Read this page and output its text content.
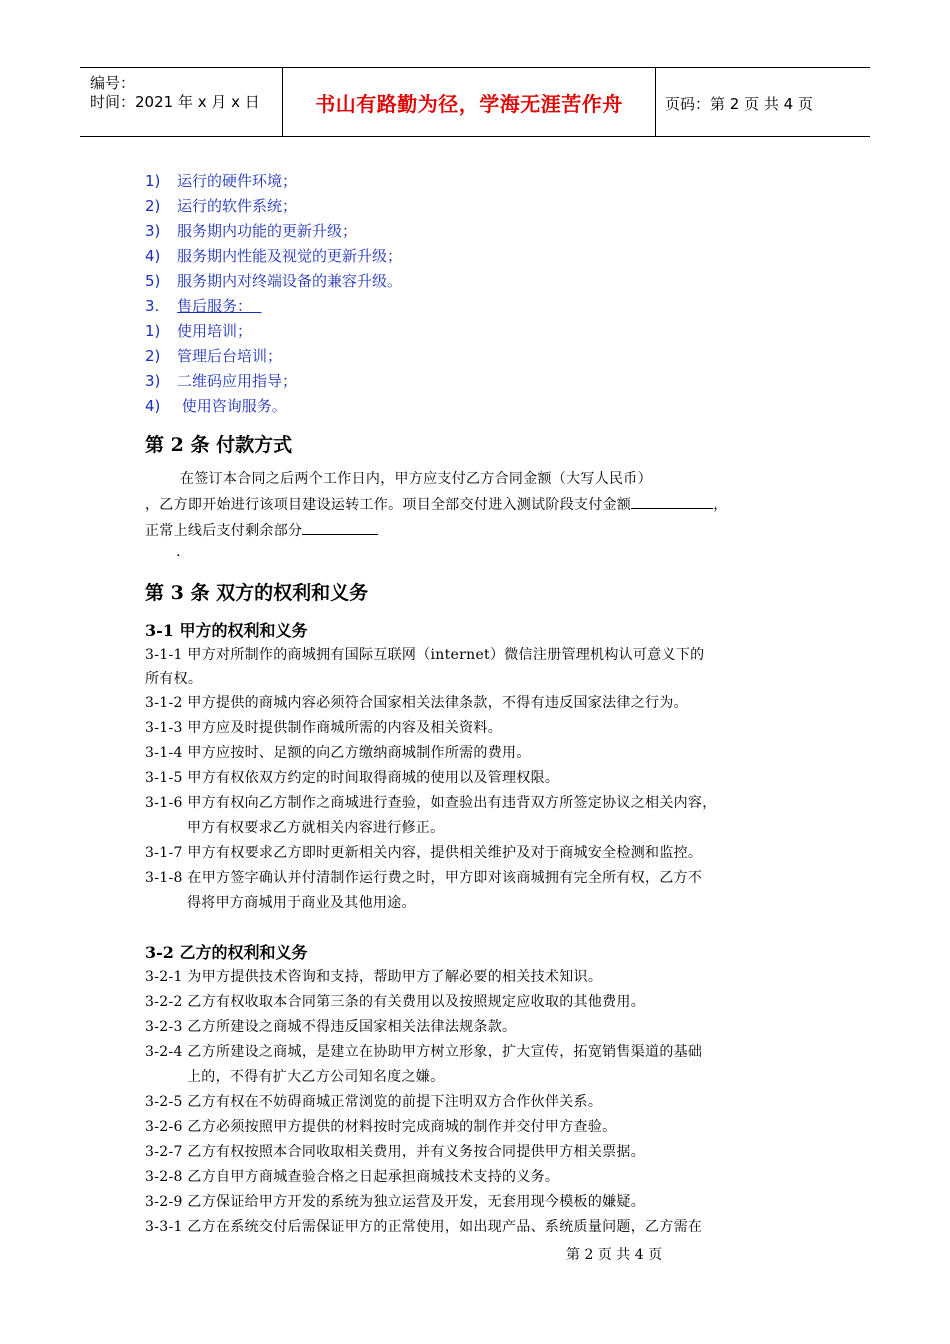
编号：
时间：2021 年 x 月 x 日	书山有路勤为径，学海无涯苦作舟	页码：第 2 页 共 4 页
1) 运行的硬件环境；
2) 运行的软件系统；
3) 服务期内功能的更新升级；
4) 服务期内性能及视觉的更新升级；
5) 服务期内对终端设备的兼容升级。
3. 售后服务：
1) 使用培训；
2) 管理后台培训；
3) 二维码应用指导；
4) 使用咨询服务。
第 2 条 付款方式
在签订本合同之后两个工作日内，甲方应支付乙方合同金额（大写人民币）
，乙方即开始进行该项目建设运转工作。项目全部交付进入测试阶段支付金额	，
正常上线后支付剩余部分
.
第 3 条 双方的权利和义务
3-1 甲方的权利和义务
3-1-1 甲方对所制作的商城拥有国际互联网（internet）微信注册管理机构认可意义下的
所有权。
3-1-2 甲方提供的商城内容必须符合国家相关法律条款，不得有违反国家法律之行为。
3-1-3 甲方应及时提供制作商城所需的内容及相关资料。
3-1-4 甲方应按时、足额的向乙方缴纳商城制作所需的费用。
3-1-5 甲方有权依双方约定的时间取得商城的使用以及管理权限。
3-1-6 甲方有权向乙方制作之商城进行查验，如查验出有违背双方所签定协议之相关内容，
甲方有权要求乙方就相关内容进行修正。
3-1-7 甲方有权要求乙方即时更新相关内容，提供相关维护及对于商城安全检测和监控。
3-1-8 在甲方签字确认并付清制作运行费之时，甲方即对该商城拥有完全所有权，乙方不
得将甲方商城用于商业及其他用途。
3-2 乙方的权利和义务
3-2-1 为甲方提供技术咨询和支持，帮助甲方了解必要的相关技术知识。
3-2-2 乙方有权收取本合同第三条的有关费用以及按照规定应收取的其他费用。
3-2-3 乙方所建设之商城不得违反国家相关法律法规条款。
3-2-4 乙方所建设之商城，是建立在协助甲方树立形象，扩大宣传，拓宽销售渠道的基础
上的，不得有扩大乙方公司知名度之嫌。
3-2-5 乙方有权在不妨碍商城正常浏览的前提下注明双方合作伙伴关系。
3-2-6 乙方必须按照甲方提供的材料按时完成商城的制作并交付甲方查验。
3-2-7 乙方有权按照本合同收取相关费用，并有义务按合同提供甲方相关票据。
3-2-8 乙方自甲方商城查验合格之日起承担商城技术支持的义务。
3-2-9 乙方保证给甲方开发的系统为独立运营及开发，无套用现今模板的嫌疑。
3-3-1 乙方在系统交付后需保证甲方的正常使用，如出现产品、系统质量问题，乙方需在
第 2 页 共 4 页
